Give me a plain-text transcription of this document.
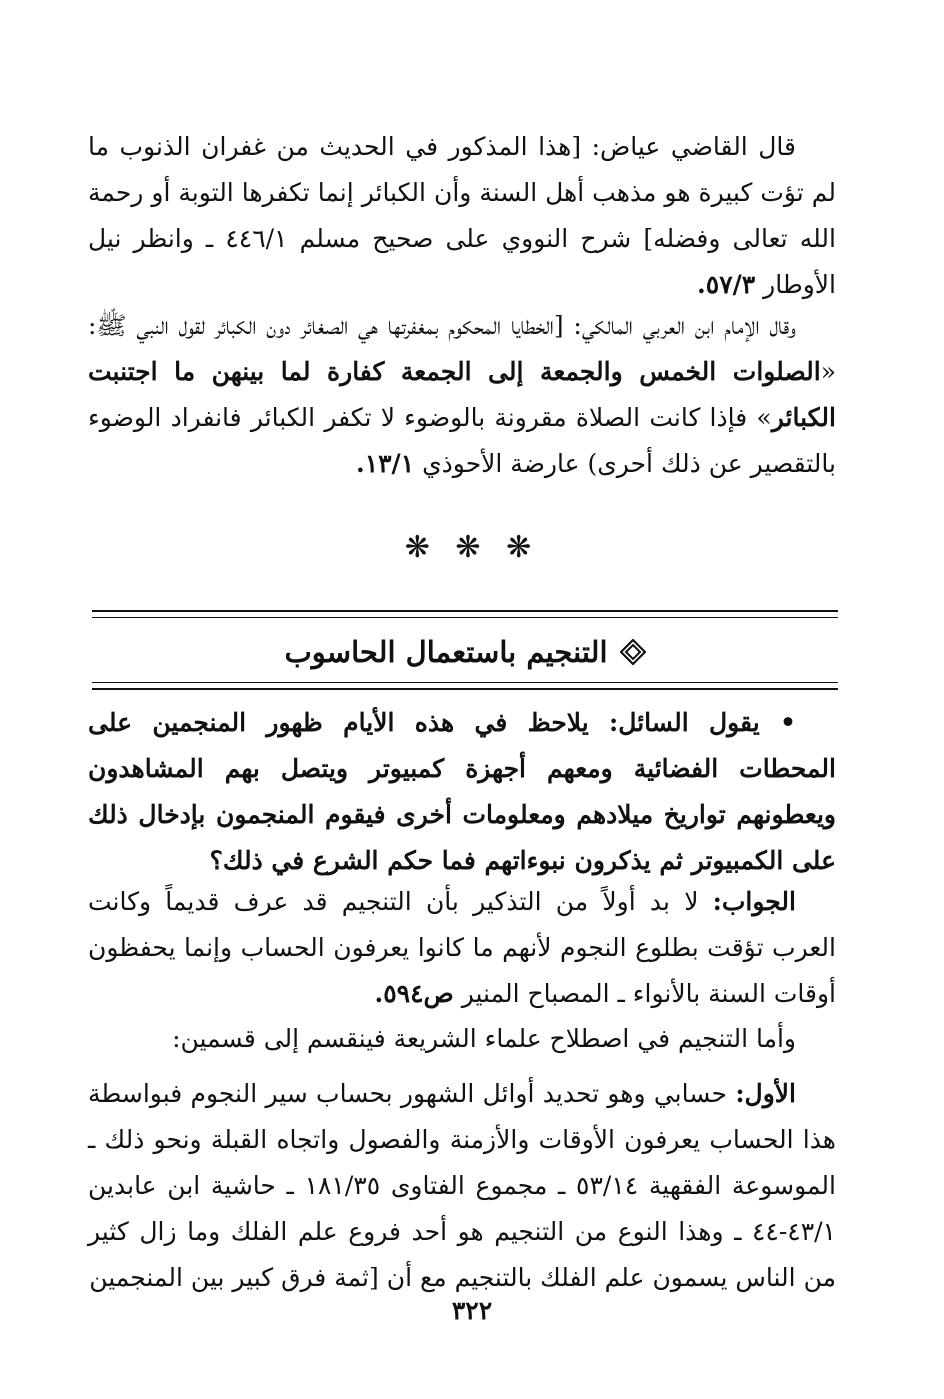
قال القاضي عياض: [هذا المذكور في الحديث من غفران الذنوب ما لم تؤت كبيرة هو مذهب أهل السنة وأن الكبائر إنما تكفرها التوبة أو رحمة الله تعالى وفضله] شرح النووي على صحيح مسلم ٤٤٦/١ ـ وانظر نيل الأوطار ٥٧/٣.

وقال الإمام ابن العربي المالكي: [الخطايا المحكوم بمغفرتها هي الصغائر دون الكبائر لقول النبي ﷺ: «الصلوات الخمس والجمعة إلى الجمعة كفارة لما بينهن ما اجتنبت الكبائر» فإذا كانت الصلاة مقرونة بالوضوء لا تكفر الكبائر فانفراد الوضوء بالتقصير عن ذلك أحرى) عارضة الأحوذي ١٣/١.

❋ ❋ ❋
التنجيم باستعمال الحاسوب

• يقول السائل: يلاحظ في هذه الأيام ظهور المنجمين على المحطات الفضائية ومعهم أجهزة كمبيوتر ويتصل بهم المشاهدون ويعطونهم تواريخ ميلادهم ومعلومات أخرى فيقوم المنجمون بإدخال ذلك على الكمبيوتر ثم يذكرون نبوءاتهم فما حكم الشرع في ذلك؟

الجواب: لا بد أولاً من التذكير بأن التنجيم قد عرف قديماً وكانت العرب تؤقت بطلوع النجوم لأنهم ما كانوا يعرفون الحساب وإنما يحفظون أوقات السنة بالأنواء ـ المصباح المنير ص٥٩٤.

وأما التنجيم في اصطلاح علماء الشريعة فينقسم إلى قسمين:

الأول: حسابي وهو تحديد أوائل الشهور بحساب سير النجوم فبواسطة هذا الحساب يعرفون الأوقات والأزمنة والفصول واتجاه القبلة ونحو ذلك ـ الموسوعة الفقهية ٥٣/١٤ ـ مجموع الفتاوى ١٨١/٣٥ ـ حاشية ابن عابدين ٤٣/١-٤٤ ـ وهذا النوع من التنجيم هو أحد فروع علم الفلك وما زال كثير من الناس يسمون علم الفلك بالتنجيم مع أن [ثمة فرق كبير بين المنجمين

٣٢٢
